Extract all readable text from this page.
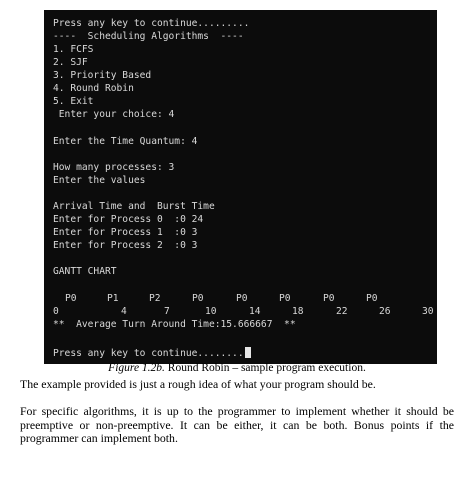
Press any key to continue.........
----  Scheduling Algorithms  ----
1. FCFS
2. SJF
3. Priority Based
4. Round Robin
5. Exit
Enter your choice: 4
Enter the Time Quantum: 4
How many processes: 3
Enter the values
Arrival Time and  Burst Time
Enter for Process 0  :0 24
Enter for Process 1  :0 3
Enter for Process 2  :0 3
GANTT CHART
P0	P1	P2	P0	P0	P0	P0	P0
0	4	7	10	14	18	22	26	30
**  Average Turn Around Time:15.666667  **
Press any key to continue........
Figure 1.2b. Round Robin – sample program execution.

The example provided is just a rough idea of what your program should be.

For specific algorithms, it is up to the programmer to implement whether it should be preemptive or non-preemptive. It can be either, it can be both. Bonus points if the programmer can implement both.
